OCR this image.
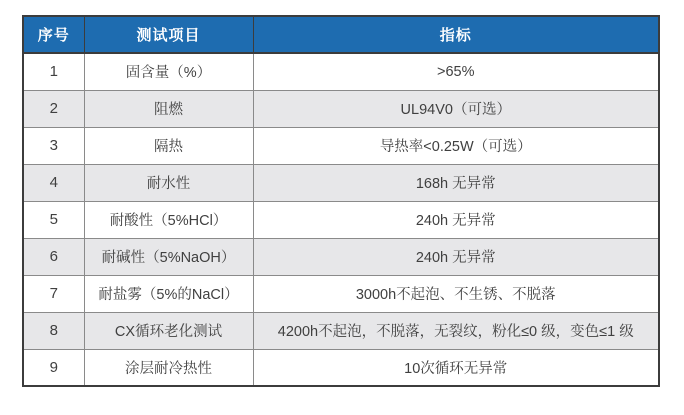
序号	测试项目	指标
1	固含量（%）	>65%
2	阻燃	UL94V0（可选）
3	隔热	导热率<0.25W（可选）
4	耐水性	168h 无异常
5	耐酸性（5%HCl）	240h 无异常
6	耐碱性（5%NaOH）	240h 无异常
7	耐盐雾（5%的NaCl）	3000h不起泡、不生锈、不脱落
8	CX循环老化测试	4200h不起泡，不脱落，无裂纹，粉化≤0 级，变色≤1 级
9	涂层耐冷热性	10次循环无异常
